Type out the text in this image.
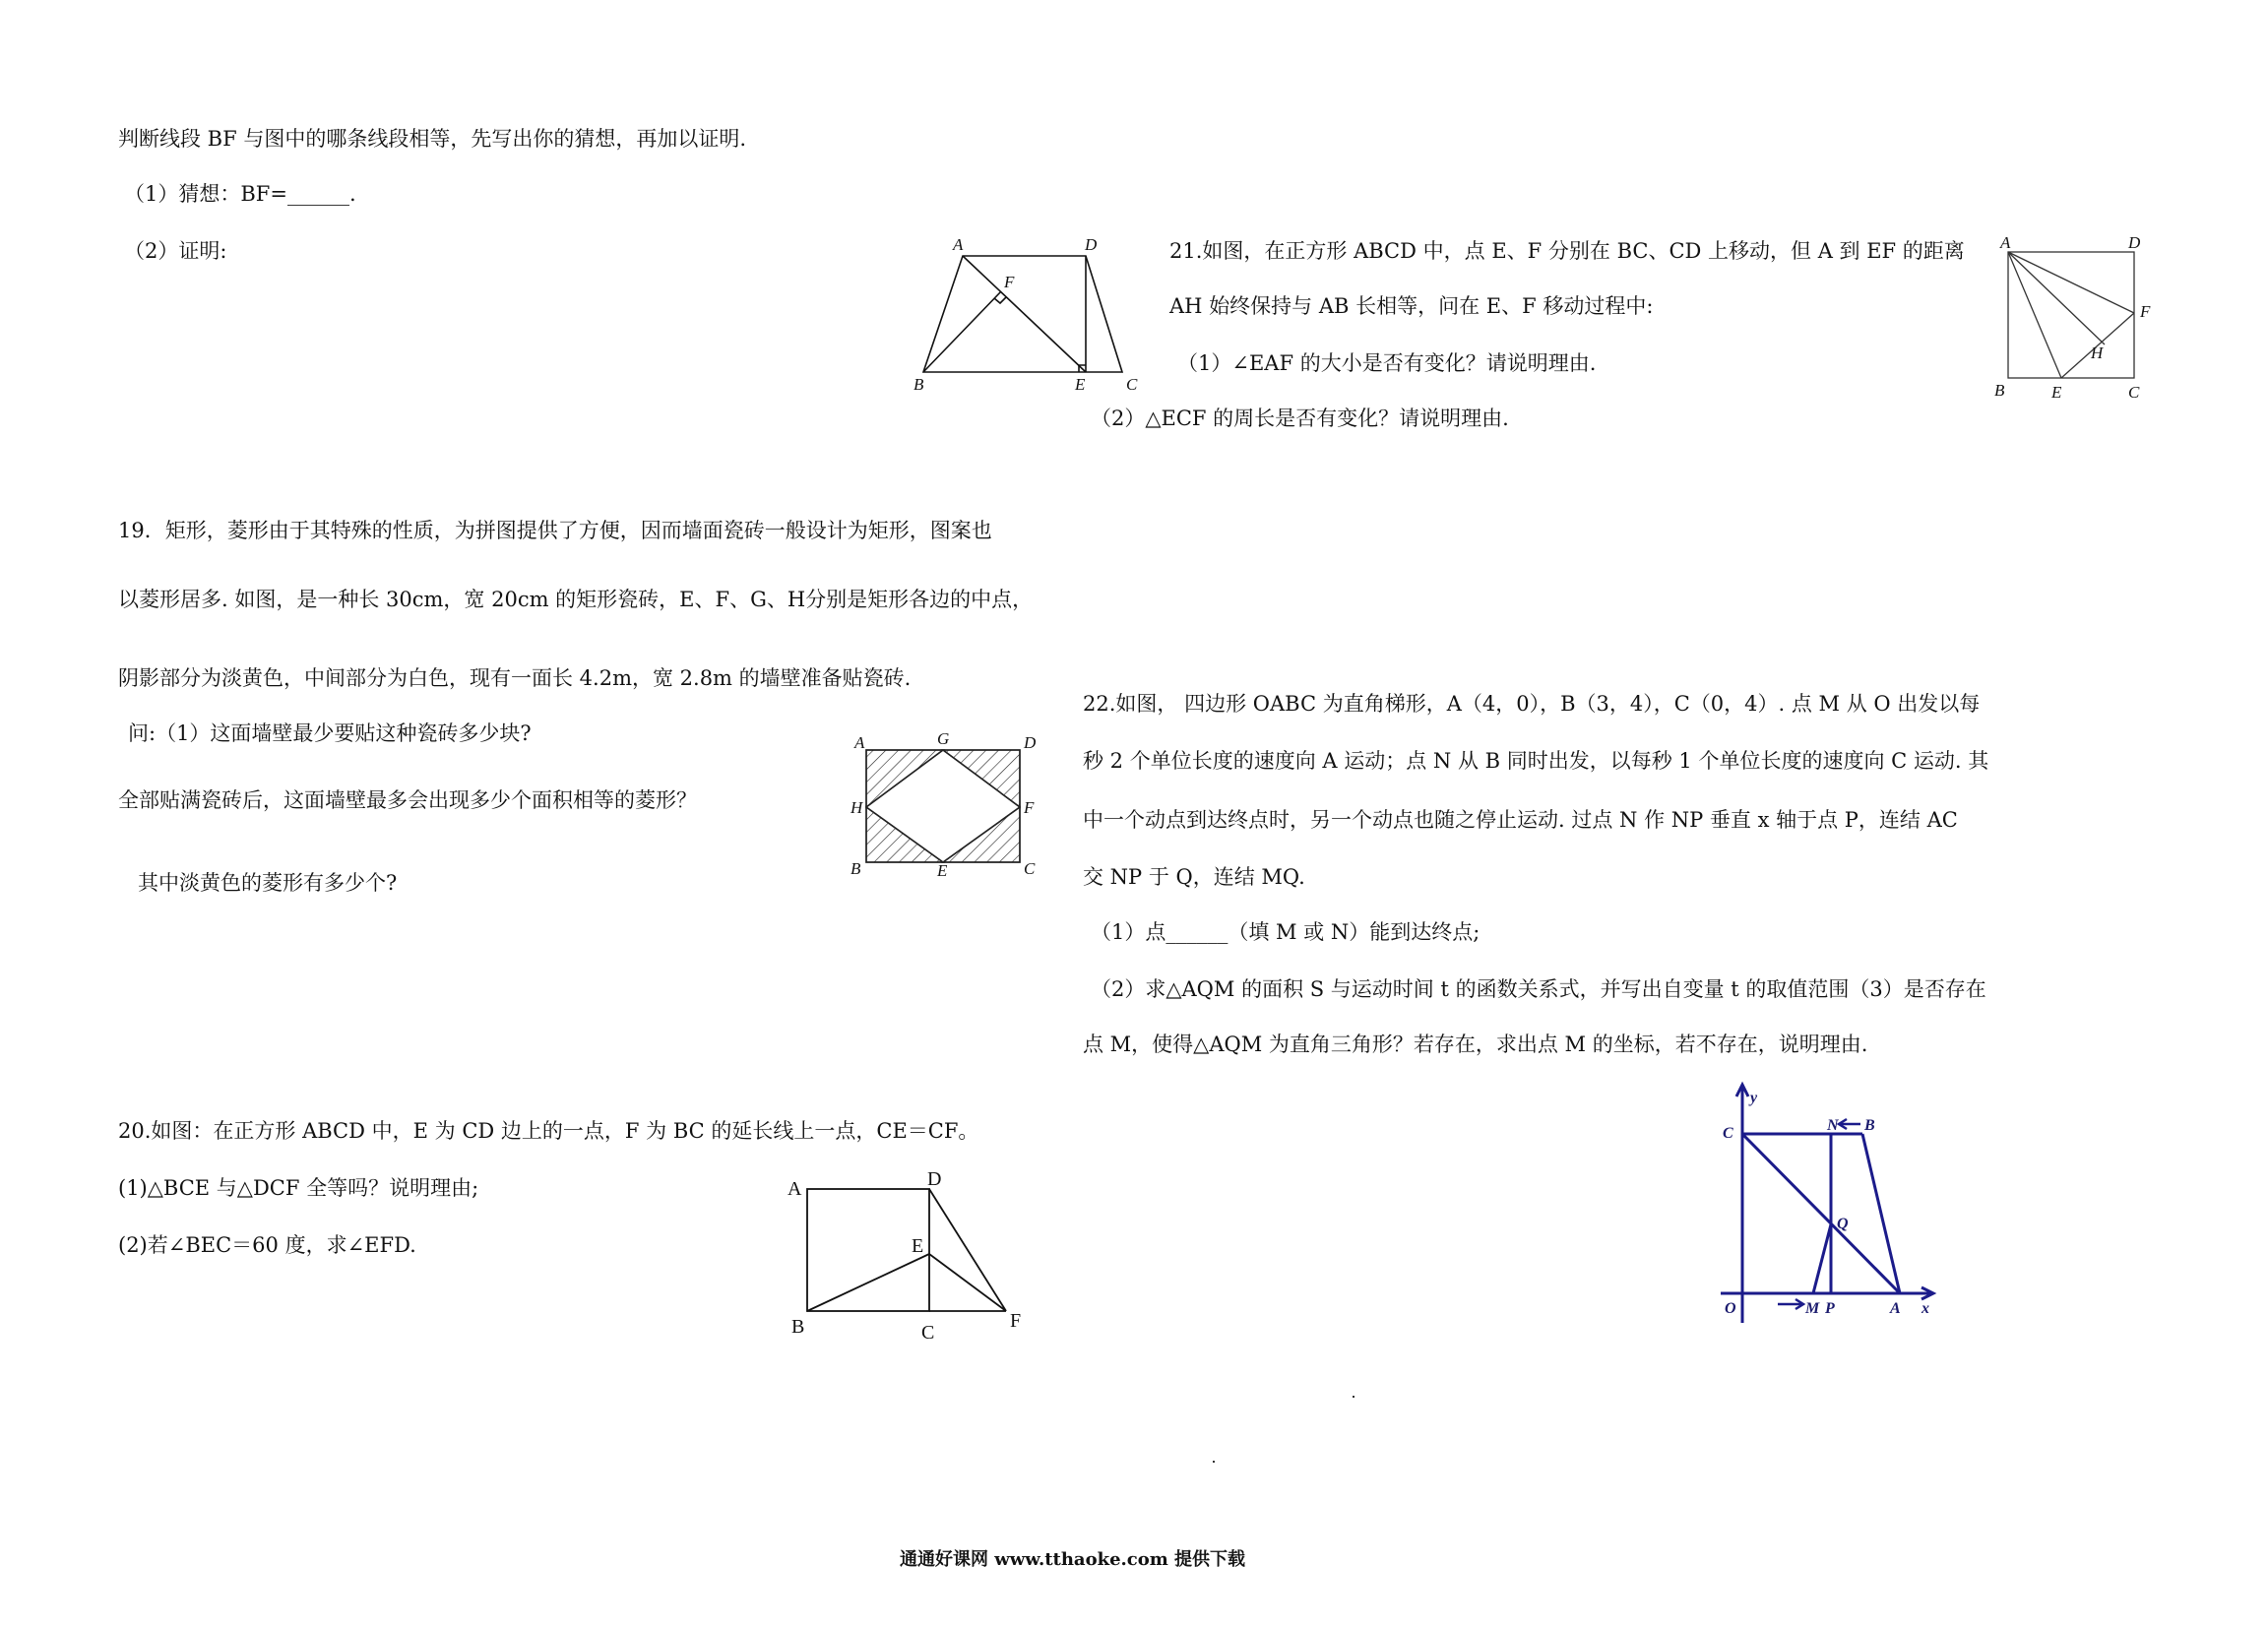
判断线段 BF 与图中的哪条线段相等，先写出你的猜想，再加以证明.
（1）猜想：BF=______.
（2）证明:	A	D
F
B	E C
21.如图，在正方形 ABCD 中，点 E、F 分别在 BC、CD 上移动，但 A 到 EF 的距离
AH 始终保持与 AB 长相等，问在 E、F 移动过程中:
（1）∠EAF 的大小是否有变化？请说明理由.
（2）△ECF 的周长是否有变化？请说明理由.
A	D
F
H
B	E	C
19．矩形，菱形由于其特殊的性质，为拼图提供了方便，因而墙面瓷砖一般设计为矩形，图案也
以菱形居多. 如图，是一种长 30cm，宽 20cm 的矩形瓷砖，E、F、G、H分别是矩形各边的中点，
阴影部分为淡黄色，中间部分为白色，现有一面长 4.2m，宽 2.8m 的墙壁准备贴瓷砖.
问:（1）这面墙壁最少要贴这种瓷砖多少块?
全部贴满瓷砖后，这面墙壁最多会出现多少个面积相等的菱形？
其中淡黄色的菱形有多少个?
A	G	D
H	F
B	E	C
22.如图， 四边形 OABC 为直角梯形，A（4，0），B（3，4），C（0，4）. 点 M 从 O 出发以每
秒 2 个单位长度的速度向 A 运动；点 N 从 B 同时出发，以每秒 1 个单位长度的速度向 C 运动. 其
中一个动点到达终点时，另一个动点也随之停止运动. 过点 N 作 NP 垂直 x 轴于点 P，连结 AC
交 NP 于 Q，连结 MQ.
（1）点______（填 M 或 N）能到达终点;
（2）求△AQM 的面积 S 与运动时间 t 的函数关系式，并写出自变量 t 的取值范围（3）是否存在
点 M，使得△AQM 为直角三角形？若存在，求出点 M 的坐标，若不存在，说明理由.
y
C	N B
Q
O	M P	A x
20.如图：在正方形 ABCD 中，E 为 CD 边上的一点，F 为 BC 的延长线上一点，CE＝CF。
(1)△BCE 与△DCF 全等吗？说明理由;
(2)若∠BEC＝60 度，求∠EFD.
A	D
E
B	C
F
通通好课网 www.tthaoke.com 提供下载
